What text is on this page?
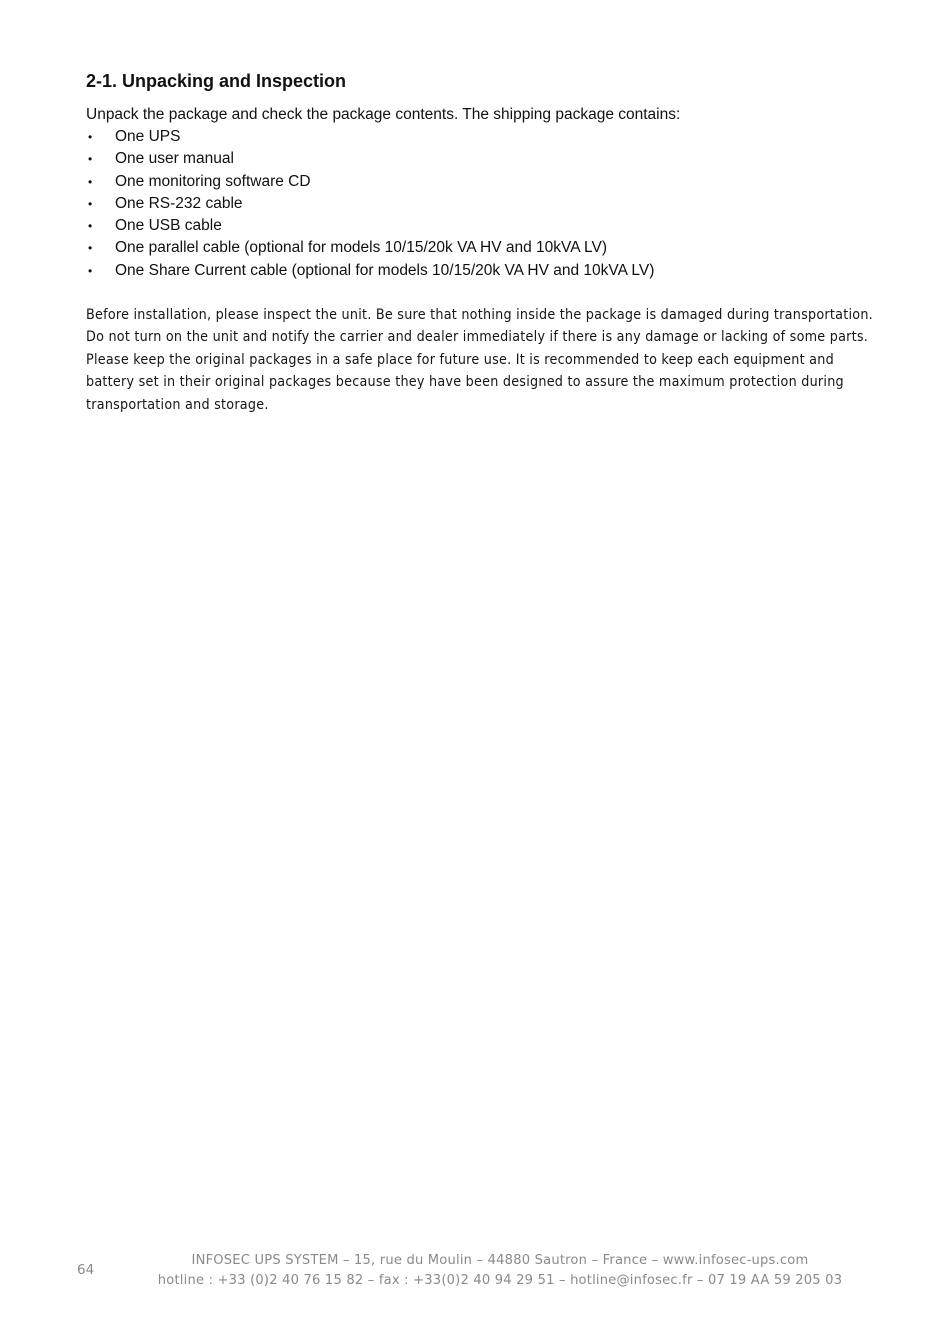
2-1. Unpacking and Inspection

Unpack the package and check the package contents. The shipping package contains:

• One UPS
• One user manual
• One monitoring software CD
• One RS-232 cable
• One USB cable
• One parallel cable (optional for models 10/15/20k VA HV and 10kVA LV)
• One Share Current cable (optional for models 10/15/20k VA HV and 10kVA LV)

Before installation, please inspect the unit. Be sure that nothing inside the package is damaged during transportation. Do not turn on the unit and notify the carrier and dealer immediately if there is any damage or lacking of some parts. Please keep the original packages in a safe place for future use. It is recommended to keep each equipment and battery set in their original packages because they have been designed to assure the maximum protection during transportation and storage.

64
INFOSEC UPS SYSTEM – 15, rue du Moulin – 44880 Sautron – France – www.infosec-ups.com
hotline : +33 (0)2 40 76 15 82 – fax : +33(0)2 40 94 29 51 – hotline@infosec.fr – 07 19 AA 59 205 03
